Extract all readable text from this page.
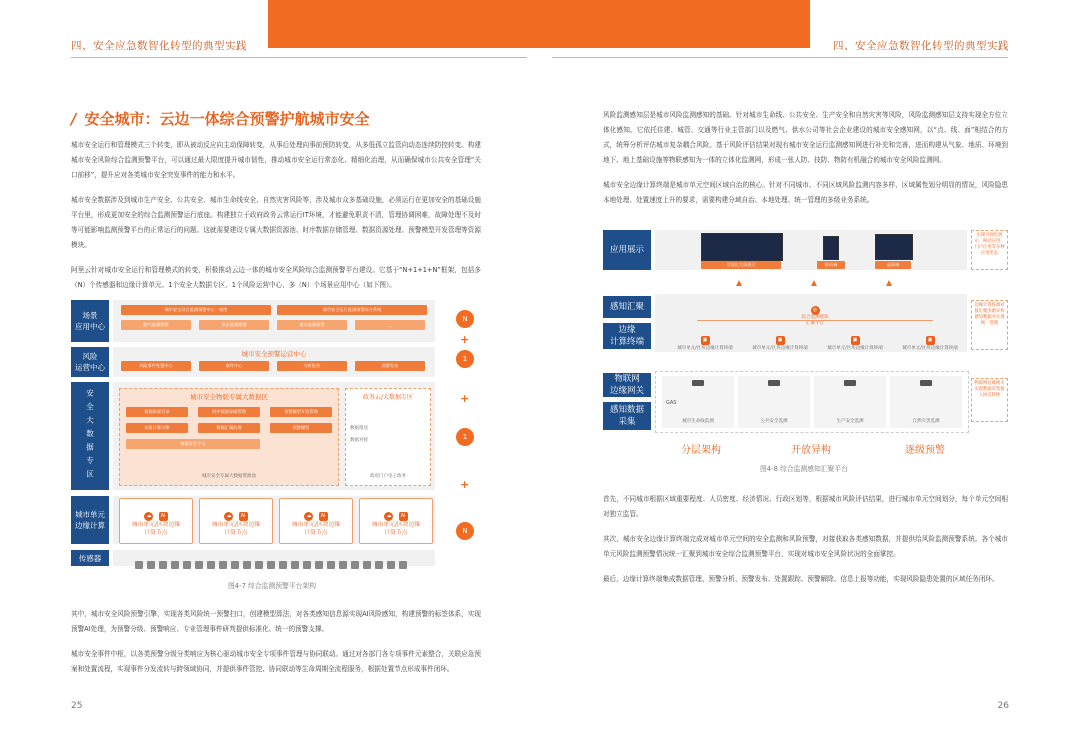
四、安全应急数智化转型的典型实践	四、安全应急数智化转型的典型实践
/ 安全城市：云边一体综合预警护航城市安全

城市安全运行和管理模式三个转变，即从被动反应向主动保障转变，从事后处理向事前预防转变，从多低孤立监管向动态连续防控转变。构建城市安全风险综合监测预警平台，可以通过最大限度提升城市韧性，推动城市安全运行常态化、精细化治理，从而确保城市公共安全管理“关口前移”，提升应对各类城市安全突发事件的能力和水平。

城市安全数据涉及到城市生产安全、公共安全、城市生命线安全、自然灾害风险等，涉及城市众多基础设施，必须运行在更加安全的基础设施平台里，形成更加安全的综合监测预警运行底座。构建独立于政府政务云常运行IT环境，才能避免职责不清，管理协调困难，故障处理不及时等可能影响监测预警平台的正常运行的问题。这就需要建设专属大数据资源池、时序数据存储管理、数据资源处理、预警模型开发管理等资源模块。

阿里云针对城市安全运行和管理模式的转变，积极推动云边一体的城市安全风险综合监测预警平台建设。它基于“N+1+1+N”框架，包括多（N）个传感器和边缘计算单元、1个安全大数据专区、1个风险运营中心、多（N）个场景应用中心（如下图）。

场景
应用中心
城市安全综合监测预警中心一张图	城市安全运行监测预警综合系统
燃气监测预警	供水监测预警	排水监测预警	...
风险
运营中心
城市安全预警运营中心
风险事件处置中心	事件中心	分析报告	预警发布
安全大数据专区	城市安全物联专属大数据区
数据资源目录	时序数据存储管理	预警模型开发管理
实时计算引擎	数据汇聚治理	预警模型
数据开发平台
城市安全专属大数据资源池
政务云/大数据专区
数据推送
数据对接
政府门户电子政务
城市单元
边缘计算
☁ AI
城市单元/区块边缘
计算节点
☁ AI
城市单元/区块边缘
计算节点
☁ AI
城市单元/区块边缘
计算节点
☁ AI
城市单元/区块边缘
计算节点
传感器
N
+
1
+
1
+
N
图4-7 综合监测预警平台架构

其中，城市安全风险预警引擎，实现各类风险统一预警扫口，创建模型算法，对各类感知信息源实现AI风险感知，构建预警的标签体系，实现预警AI处理，为预警分级、预警响应、专业管理事件研判提供标准化、统一的预警支撑。

城市安全事件中枢，以各类预警分级分类响应为核心驱动城市安全专项事件管理与协同联动。通过对各部门各专项事件元素整合，关联应急预案和处置流程，实现事件分发流转与跨领域协同，并提供事件管控、协同联动等生命周期全流程服务，根据处置节点形成事件闭环。

25

风险监测感知层是城市风险监测感知的基础。针对城市生命线、公共安全、生产安全和自然灾害等风险，风险监测感知层支持实现全方位立体化感知。它依托住建、城管、交通等行业主管部门以及燃气、供水公司等社会企业建设的城市安全感知网，以“点、线、面”相结合的方式，统筹分析评估城市复杂耦合风险。基于风险评估结果对现有城市安全运行监测感知网进行补充和完善，进而构建从气象、地质、环境到地下、地上基础设施等物联感知为一体的立体化监测网，形成一张人防、技防、物防有机融合的城市安全风险监测网。

城市安全边缘计算终端是城市单元空间区域自治的核心。针对不同城市、不同区域风险监测内容多样、区域属性划分明显的情况，风险隐患本地处理、处置速度上升的要求，需要构建分域自治、本地处理、统一管理的多级业务系统。

应用展示
可视化大屏展示	移动端	桌面端
实现可视化展示、移动应用、门户应用等多种应用形态
感知汇聚
边缘
计算终端
◎
综合监测感知
汇聚平台
▣
城市单元/区块边缘计算终端
▣
城市单元/区块边缘计算终端
▣
城市单元/区块边缘计算终端
▣
城市单元/区块边缘计算终端
边缘计算终端对接汇聚多源异构感知数据并实现统一管理
物联网
边缘网关
感知数据
采集
GAS
城市生命线监测	公共安全监测	生产安全监测	自然灾害监测
物联网边缘网关实现数据采集接入协议转换
分层架构	开放异构	逐级预警
图4-8 综合监测感知汇聚平台

首先，不同城市根据区域重要程度、人员密度、经济情况、行政区划等，根据城市风险评估结果，进行城市单元空间划分，每个单元空间相对独立监管。

其次，城市安全边缘计算终端完成对城市单元空间的安全监测和风险预警，对接获取各类感知数据，并提供给风险监测预警系统。各个城市单元风险监测预警情况统一汇聚到城市安全综合监测预警平台，实现对城市安全风险状况的全面掌控。

最后，边缘计算终端集成数据管理、预警分析、预警发布、处置跟踪、预警解除、信息上报等功能，实现风险隐患处置的区域任务闭环。

26
